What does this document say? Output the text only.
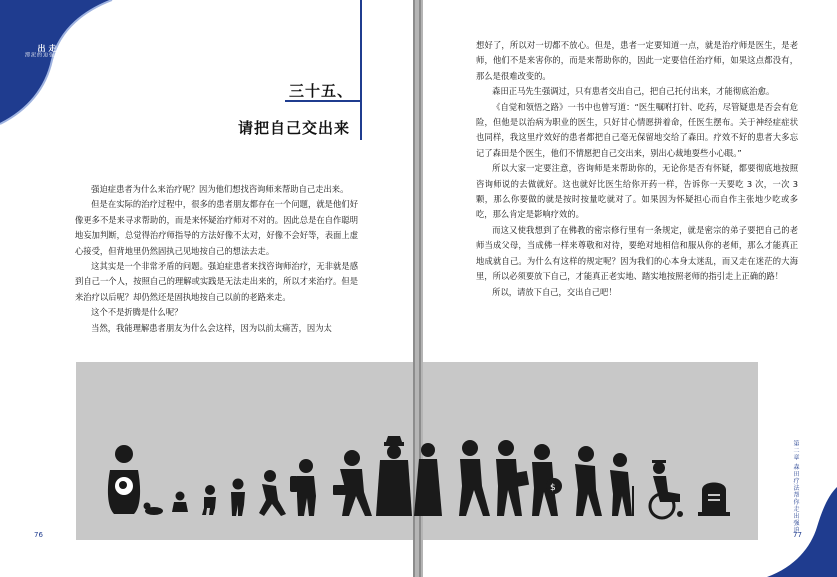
走出
强迫的泥潭
三十五、
请把自己交出来

强迫症患者为什么来治疗呢？因为他们想找咨询师来帮助自己走出来。

但是在实际的治疗过程中，很多的患者朋友都存在一个问题，就是他们好像更多不是来寻求帮助的，而是来怀疑治疗师对不对的。因此总是在自作聪明地妄加判断，总觉得治疗师指导的方法好像不太对，好像不会好等，表面上虚心接受，但背地里仍然固执己见地按自己的想法去走。

这其实是一个非常矛盾的问题。强迫症患者来找咨询师治疗，无非就是感到自己一个人，按照自己的理解或实践是无法走出来的，所以才来治疗。但是来治疗以后呢？却仍然还是固执地按自己以前的老路来走。

这个不是折腾是什么呢？

当然，我能理解患者朋友为什么会这样，因为以前太痛苦，因为太

76

想好了，所以对一切都不放心。但是，患者一定要知道一点，就是治疗师是医生，是老师，他们不是来害你的，而是来帮助你的，因此一定要信任治疗师，如果这点都没有，那么是很难改变的。

森田正马先生强调过，只有患者交出自己，把自己托付出来，才能彻底治愈。

《自觉和领悟之路》一书中也曾写道：“医生嘱咐打针、吃药，尽管疑患是否会有危险，但他是以治病为职业的医生，只好甘心情愿拼着命，任医生摆布。关于神经症症状也同样，我这里疗效好的患者都把自己毫无保留地交给了森田。疗效不好的患者大多忘记了森田是个医生，他们不情愿把自己交出来，别出心裁地耍些小心眼。”

所以大家一定要注意，咨询师是来帮助你的，无论你是否有怀疑，都要彻底地按照咨询师说的去做就好。这也就好比医生给你开药一样，告诉你一天要吃 3 次，一次 3 颗，那么你要做的就是按时按量吃就对了。如果因为怀疑担心而自作主张地少吃或多吃，那么肯定是影响疗效的。

而这又使我想到了在佛教的密宗修行里有一条规定，就是密宗的弟子要把自己的老师当成父母，当成佛一样来尊敬和对待，要绝对地相信和服从你的老师，那么才能真正地成就自己。为什么有这样的规定呢？因为我们的心本身太迷乱，而又走在迷茫的大海里，所以必须要放下自己，才能真正老实地、踏实地按照老师的指引走上正确的路！

所以，请放下自己，交出自己吧！

第二章 森田疗法帮你走出强迫
77
$
